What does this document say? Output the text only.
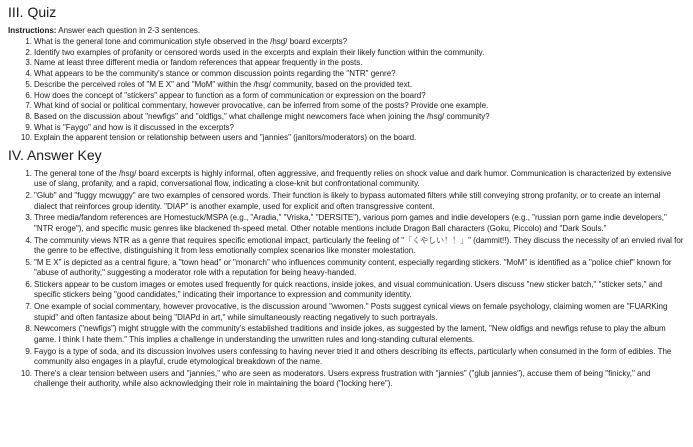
III. Quiz

Instructions: Answer each question in 2-3 sentences.

1. What is the general tone and communication style observed in the /hsg/ board excerpts?
2. Identify two examples of profanity or censored words used in the excerpts and explain their likely function within the community.
3. Name at least three different media or fandom references that appear frequently in the posts.
4. What appears to be the community's stance or common discussion points regarding the "NTR" genre?
5. Describe the perceived roles of "M E X" and "MoM" within the /hsg/ community, based on the provided text.
6. How does the concept of "stickers" appear to function as a form of communication or expression on the board?
7. What kind of social or political commentary, however provocative, can be inferred from some of the posts? Provide one example.
8. Based on the discussion about "newfigs" and "oldfigs," what challenge might newcomers face when joining the /hsg/ community?
9. What is "Faygo" and how is it discussed in the excerpts?
10. Explain the apparent tension or relationship between users and "jannies" (janitors/moderators) on the board.
IV. Answer Key
1. The general tone of the /hsg/ board excerpts is highly informal, often aggressive, and frequently relies on shock value and dark humor. Communication is characterized by extensive use of slang, profanity, and a rapid, conversational flow, indicating a close-knit but confrontational community.
2. "Glub" and "fuggy mcwuggy" are two examples of censored words. Their function is likely to bypass automated filters while still conveying strong profanity, or to create an internal dialect that reinforces group identity. "DIAP" is another example, used for explicit and often transgressive content.
3. Three media/fandom references are Homestuck/MSPA (e.g., "Aradia," "Vriska," "DERSITE"), various porn games and indie developers (e.g., "russian porn game indie developers," "NTR eroge"), and specific music genres like blackened th-speed metal. Other notable mentions include Dragon Ball characters (Goku, Piccolo) and "Dark Souls."
4. The community views NTR as a genre that requires specific emotional impact, particularly the feeling of "「くやしい！！」" (dammit!!). They discuss the necessity of an envied rival for the genre to be effective, distinguishing it from less emotionally complex scenarios like monster molestation.
5. "M E X" is depicted as a central figure, a "town head" or "monarch" who influences community content, especially regarding stickers. "MoM" is identified as a "police chief" known for "abuse of authority," suggesting a moderator role with a reputation for being heavy-handed.
6. Stickers appear to be custom images or emotes used frequently for quick reactions, inside jokes, and visual communication. Users discuss "new sticker batch," "sticker sets," and specific stickers being "good candidates," indicating their importance to expression and community identity.
7. One example of social commentary, however provocative, is the discussion around "wwomen." Posts suggest cynical views on female psychology, claiming women are "FUARKing stupid" and often fantasize about being "DIAPd in art," while simultaneously reacting negatively to such portrayals.
8. Newcomers ("newfigs") might struggle with the community's established traditions and inside jokes, as suggested by the lament, "New oldfigs and newfigs refuse to play the album game. I think I hate them." This implies a challenge in understanding the unwritten rules and long-standing cultural elements.
9. Faygo is a type of soda, and its discussion involves users confessing to having never tried it and others describing its effects, particularly when consumed in the form of edibles. The community also engages in a playful, crude etymological breakdown of the name.
10. There's a clear tension between users and "jannies," who are seen as moderators. Users express frustration with "jannies" ("glub jannies"), accuse them of being "finicky," and challenge their authority, while also acknowledging their role in maintaining the board ("locking here").
